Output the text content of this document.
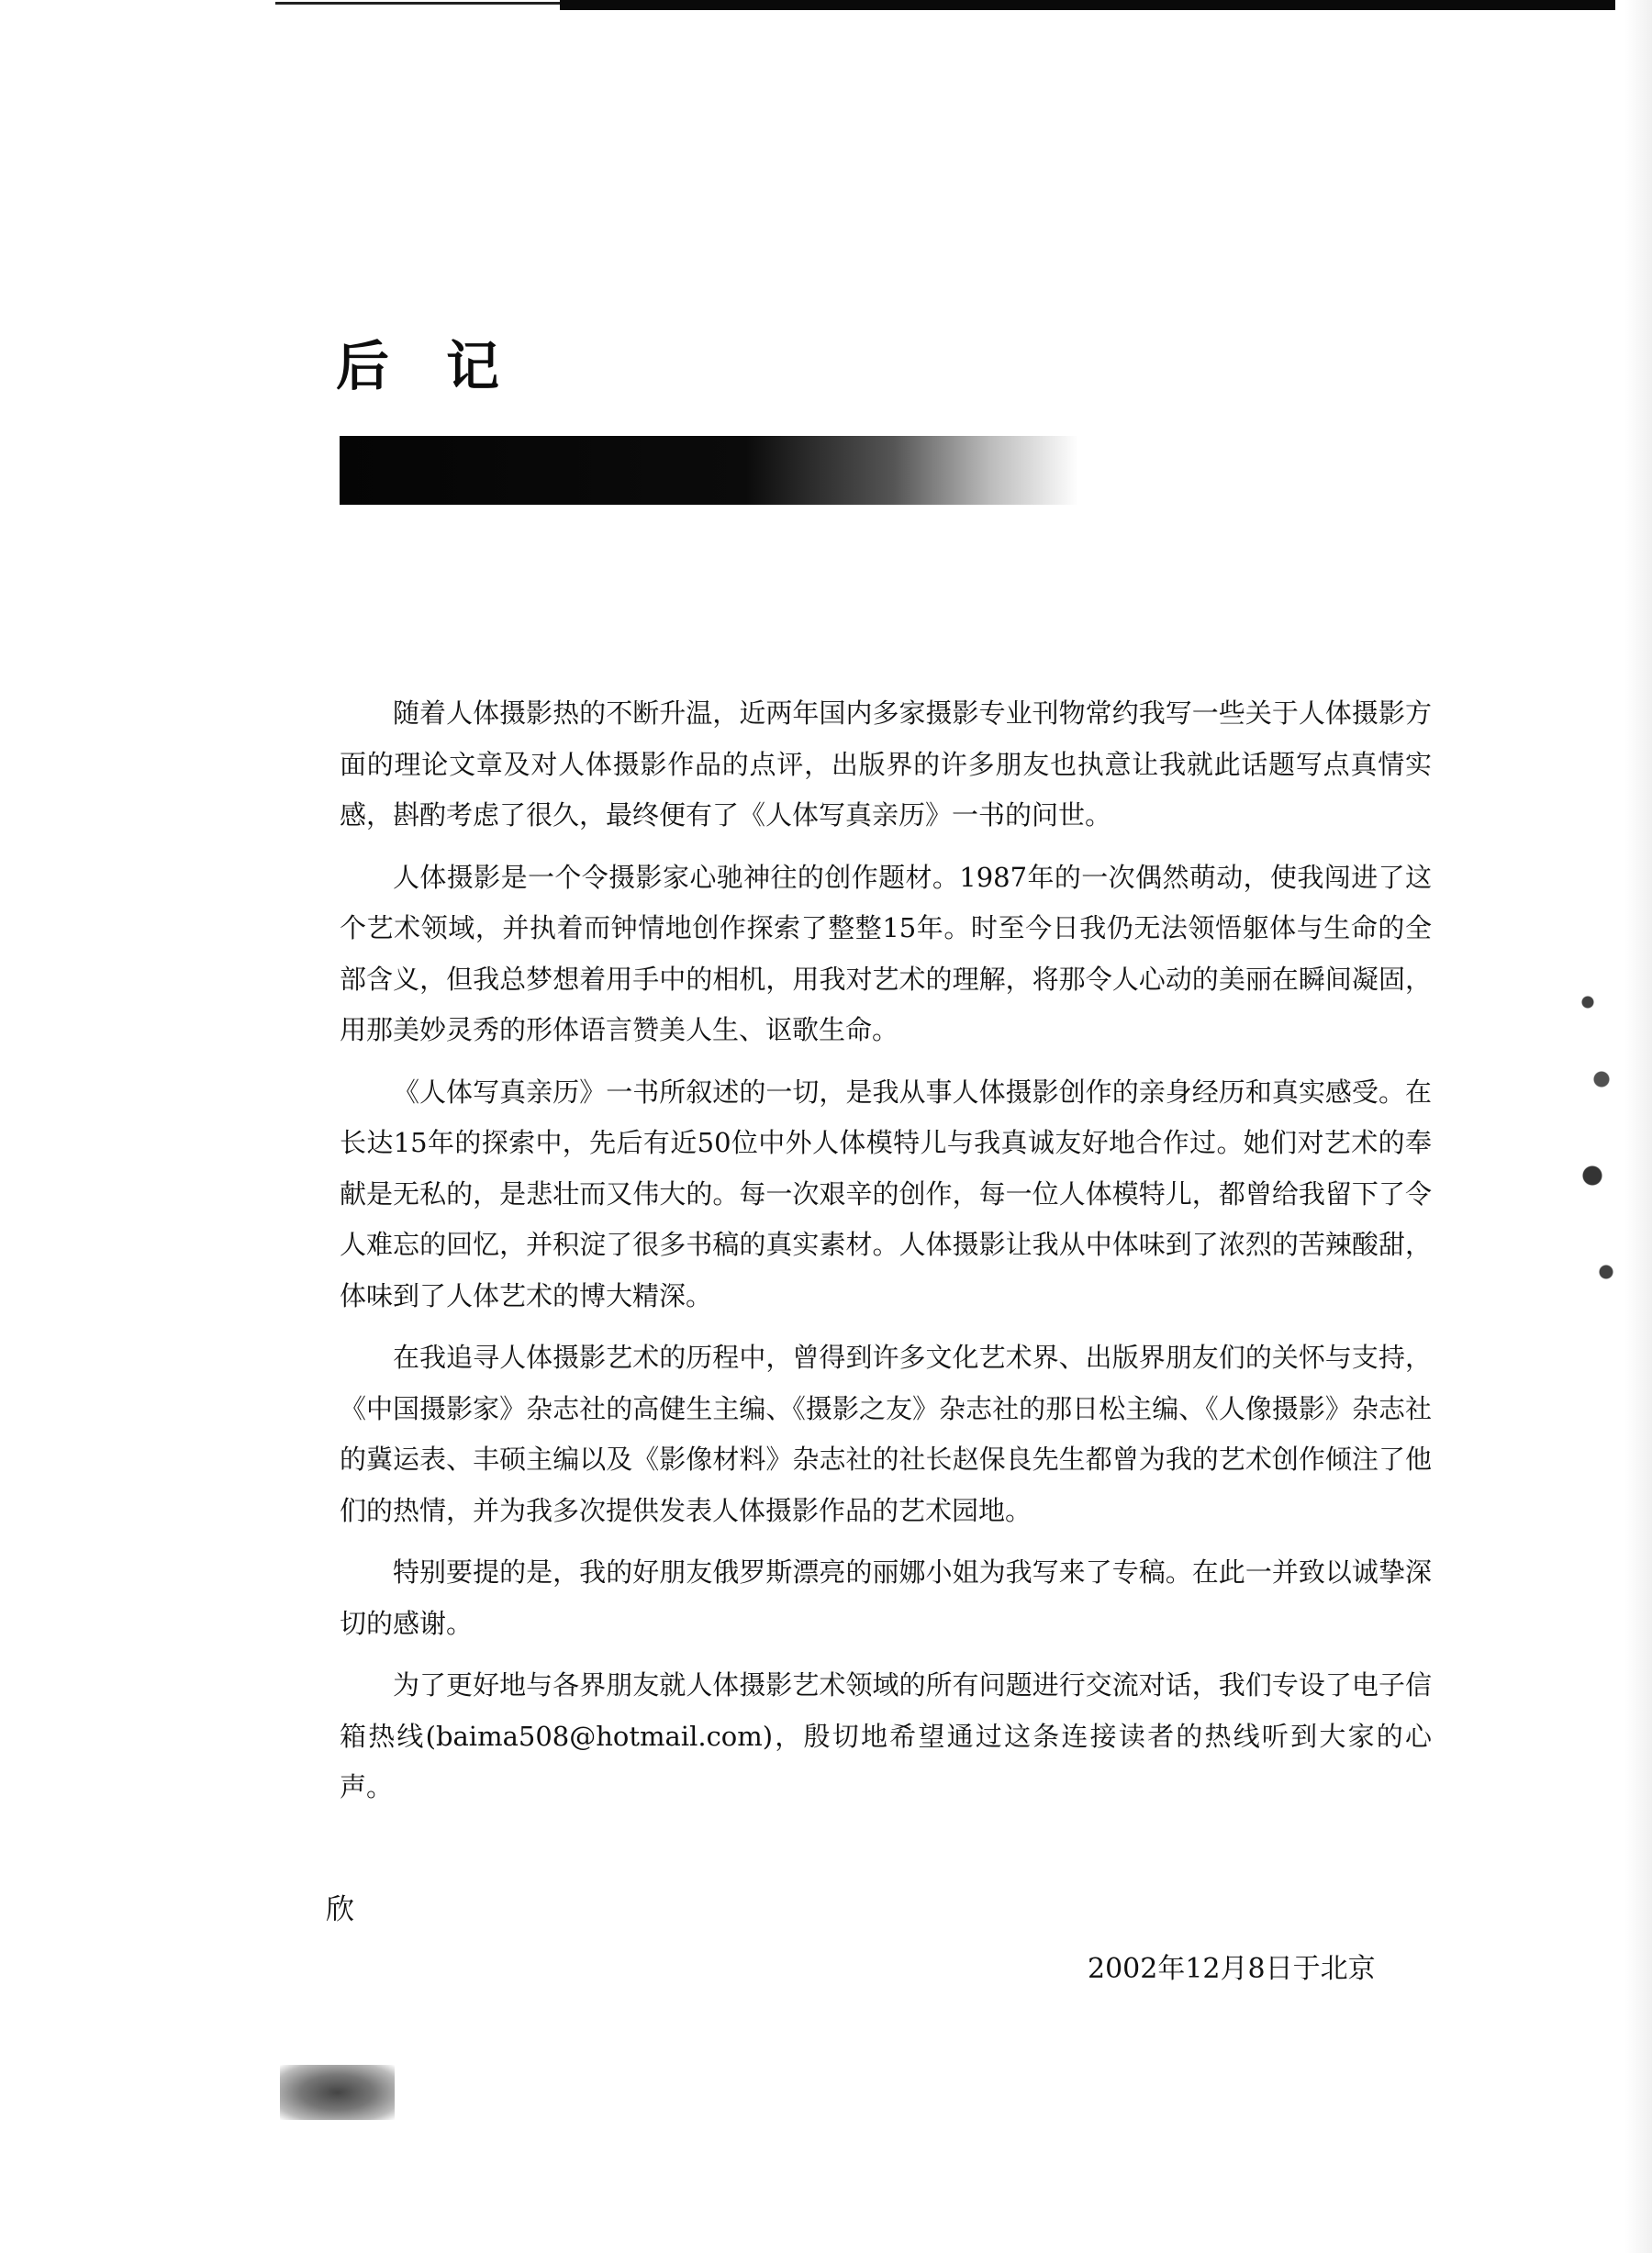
后记

随着人体摄影热的不断升温，近两年国内多家摄影专业刊物常约我写一些关于人体摄影方面的理论文章及对人体摄影作品的点评，出版界的许多朋友也执意让我就此话题写点真情实感，斟酌考虑了很久，最终便有了《人体写真亲历》一书的问世。

人体摄影是一个令摄影家心驰神往的创作题材。1987年的一次偶然萌动，使我闯进了这个艺术领域，并执着而钟情地创作探索了整整15年。时至今日我仍无法领悟躯体与生命的全部含义，但我总梦想着用手中的相机，用我对艺术的理解，将那令人心动的美丽在瞬间凝固，用那美妙灵秀的形体语言赞美人生、讴歌生命。

《人体写真亲历》一书所叙述的一切，是我从事人体摄影创作的亲身经历和真实感受。在长达15年的探索中，先后有近50位中外人体模特儿与我真诚友好地合作过。她们对艺术的奉献是无私的，是悲壮而又伟大的。每一次艰辛的创作，每一位人体模特儿，都曾给我留下了令人难忘的回忆，并积淀了很多书稿的真实素材。人体摄影让我从中体味到了浓烈的苦辣酸甜，体味到了人体艺术的博大精深。

在我追寻人体摄影艺术的历程中，曾得到许多文化艺术界、出版界朋友们的关怀与支持，《中国摄影家》杂志社的高健生主编、《摄影之友》杂志社的那日松主编、《人像摄影》杂志社的冀运表、丰硕主编以及《影像材料》杂志社的社长赵保良先生都曾为我的艺术创作倾注了他们的热情，并为我多次提供发表人体摄影作品的艺术园地。

特别要提的是，我的好朋友俄罗斯漂亮的丽娜小姐为我写来了专稿。在此一并致以诚挚深切的感谢。

为了更好地与各界朋友就人体摄影艺术领域的所有问题进行交流对话，我们专设了电子信箱热线(baima508@hotmail.com)，殷切地希望通过这条连接读者的热线听到大家的心声。

欣
2002年12月8日于北京
